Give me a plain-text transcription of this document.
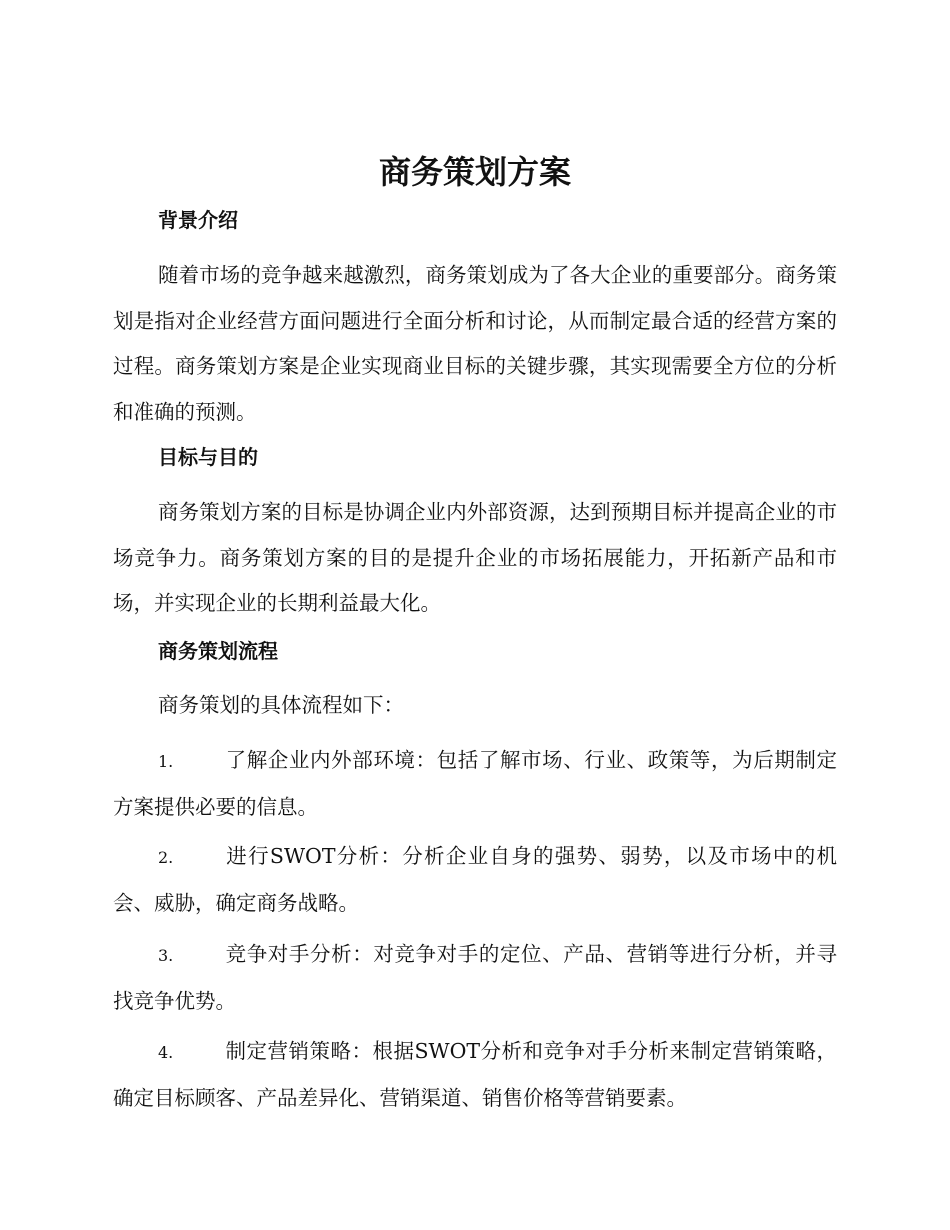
商务策划方案
背景介绍

随着市场的竞争越来越激烈，商务策划成为了各大企业的重要部分。商务策划是指对企业经营方面问题进行全面分析和讨论，从而制定最合适的经营方案的过程。商务策划方案是企业实现商业目标的关键步骤，其实现需要全方位的分析和准确的预测。

目标与目的

商务策划方案的目标是协调企业内外部资源，达到预期目标并提高企业的市场竞争力。商务策划方案的目的是提升企业的市场拓展能力，开拓新产品和市场，并实现企业的长期利益最大化。

商务策划流程

商务策划的具体流程如下：

1.	了解企业内外部环境：包括了解市场、行业、政策等，为后期制定方案提供必要的信息。

2.	进行SWOT分析：分析企业自身的强势、弱势，以及市场中的机会、威胁，确定商务战略。

3.	竞争对手分析：对竞争对手的定位、产品、营销等进行分析，并寻找竞争优势。

4.	制定营销策略：根据SWOT分析和竞争对手分析来制定营销策略，确定目标顾客、产品差异化、营销渠道、销售价格等营销要素。
